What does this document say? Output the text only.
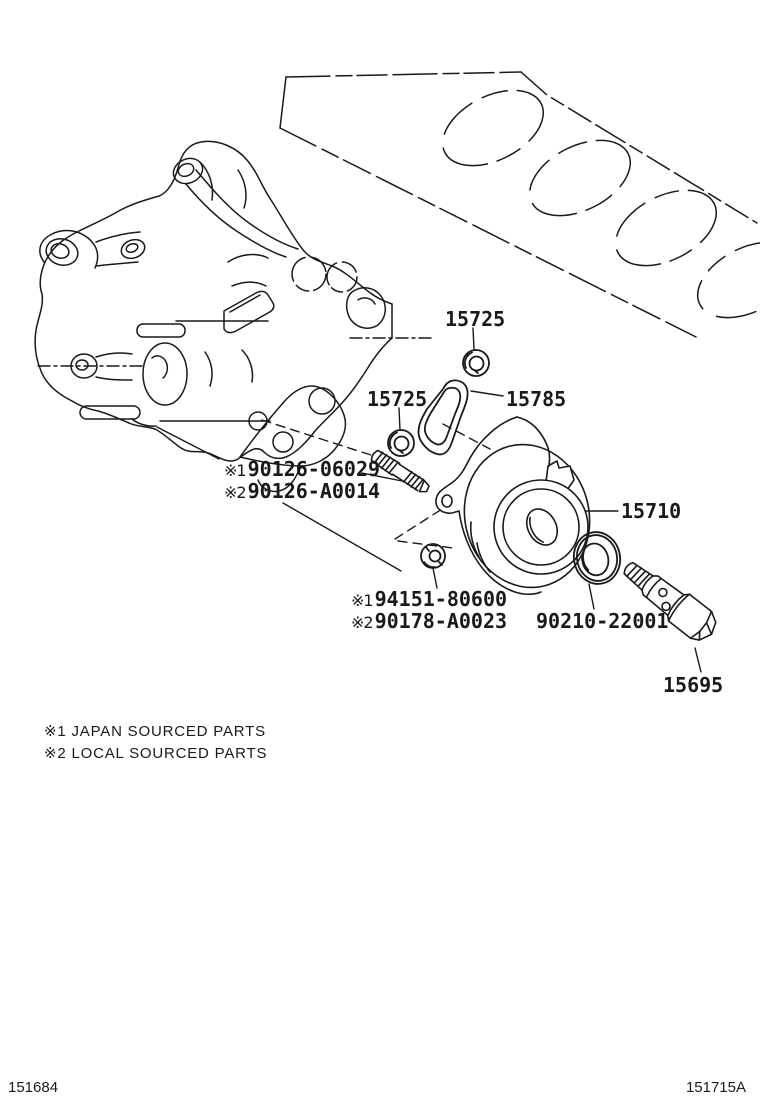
15725
15725	15785
※1 90126-06029
※2 90126-A0014
15710
※1 94151-80600
※2 90178-A0023 90210-22001
15695
※1 JAPAN SOURCED PARTS
※2 LOCAL SOURCED PARTS
151684	151715A
